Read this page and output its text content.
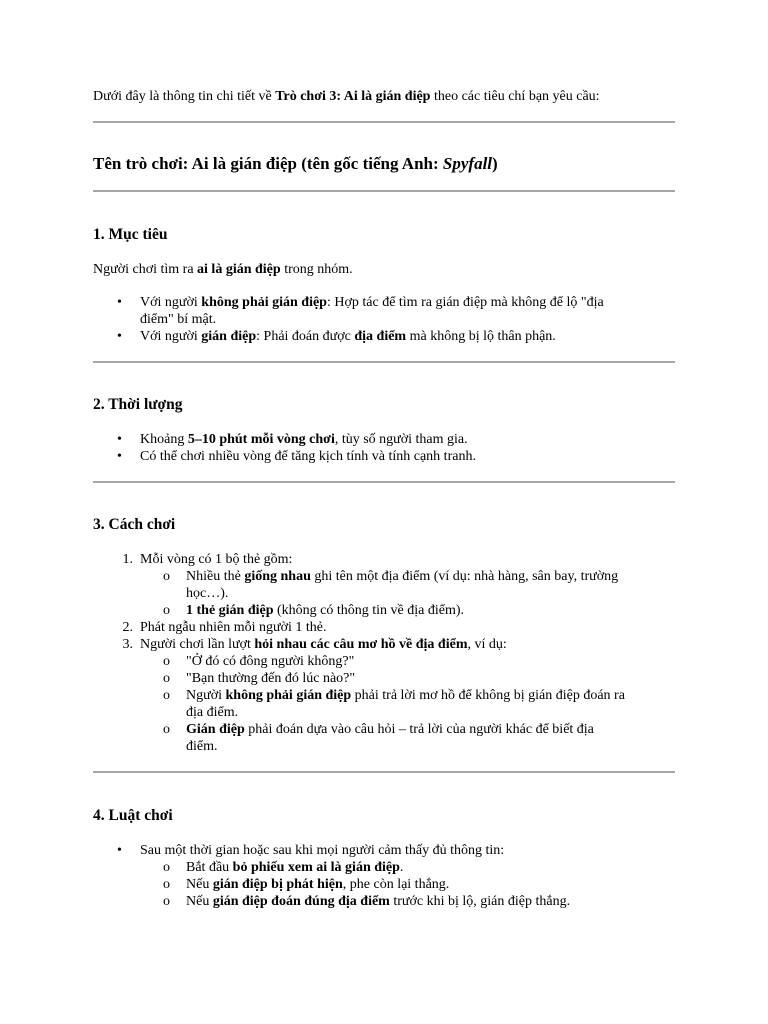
Dưới đây là thông tin chi tiết về Trò chơi 3: Ai là gián điệp theo các tiêu chí bạn yêu cầu:
Tên trò chơi: Ai là gián điệp (tên gốc tiếng Anh: Spyfall)
1. Mục tiêu
Người chơi tìm ra ai là gián điệp trong nhóm.
• Với người không phải gián điệp: Hợp tác để tìm ra gián điệp mà không để lộ "địa
điểm" bí mật.
• Với người gián điệp: Phải đoán được địa điểm mà không bị lộ thân phận.
2. Thời lượng
• Khoảng 5–10 phút mỗi vòng chơi, tùy số người tham gia.
• Có thể chơi nhiều vòng để tăng kịch tính và tính cạnh tranh.
3. Cách chơi
1. Mỗi vòng có 1 bộ thẻ gồm:
o Nhiều thẻ giống nhau ghi tên một địa điểm (ví dụ: nhà hàng, sân bay, trường
học…).
o 1 thẻ gián điệp (không có thông tin về địa điểm).
2. Phát ngẫu nhiên mỗi người 1 thẻ.
3. Người chơi lần lượt hỏi nhau các câu mơ hồ về địa điểm, ví dụ:
o "Ở đó có đông người không?"
o "Bạn thường đến đó lúc nào?"
o Người không phải gián điệp phải trả lời mơ hồ để không bị gián điệp đoán ra
địa điểm.
o Gián điệp phải đoán dựa vào câu hỏi – trả lời của người khác để biết địa
điểm.
4. Luật chơi
• Sau một thời gian hoặc sau khi mọi người cảm thấy đủ thông tin:
o Bắt đầu bỏ phiếu xem ai là gián điệp.
o Nếu gián điệp bị phát hiện, phe còn lại thắng.
o Nếu gián điệp đoán đúng địa điểm trước khi bị lộ, gián điệp thắng.
